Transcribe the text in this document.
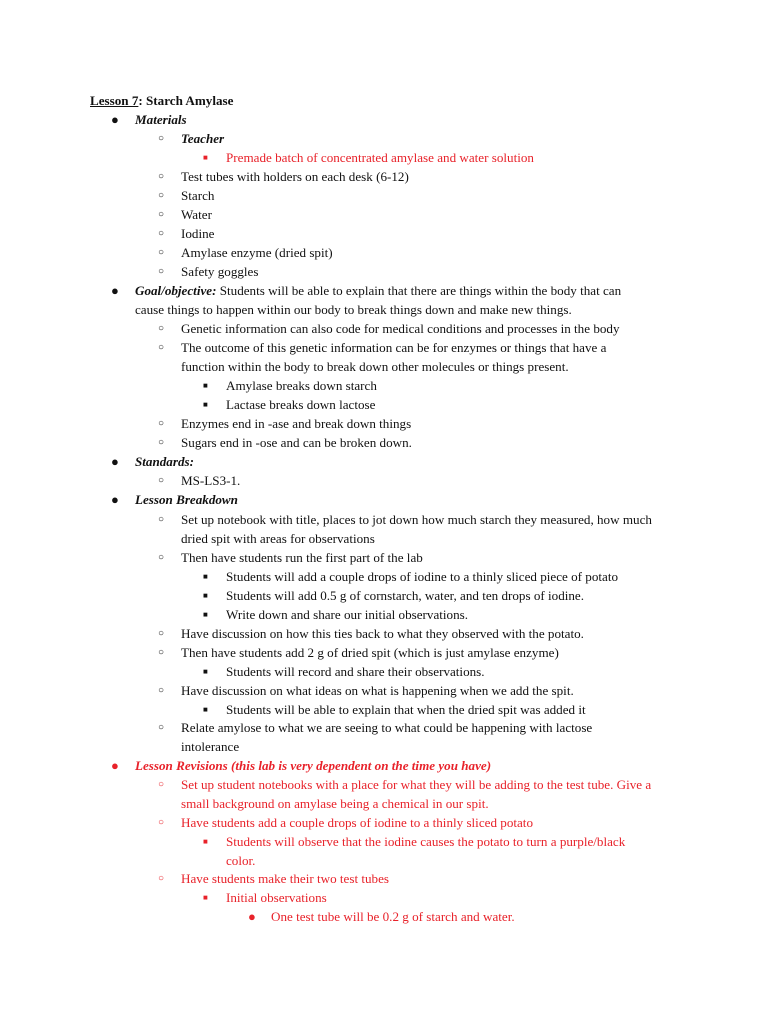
Lesson 7: Starch Amylase
● Materials
○ Teacher
■ Premade batch of concentrated amylase and water solution
○ Test tubes with holders on each desk (6-12)
○ Starch
○ Water
○ Iodine
○ Amylase enzyme (dried spit)
○ Safety goggles
● Goal/objective: Students will be able to explain that there are things within the body that can
cause things to happen within our body to break things down and make new things.
○ Genetic information can also code for medical conditions and processes in the body
○ The outcome of this genetic information can be for enzymes or things that have a
function within the body to break down other molecules or things present.
■ Amylase breaks down starch
■ Lactase breaks down lactose
○ Enzymes end in -ase and break down things
○ Sugars end in -ose and can be broken down.
● Standards:
○ MS-LS3-1.
● Lesson Breakdown
○ Set up notebook with title, places to jot down how much starch they measured, how much
dried spit with areas for observations
○ Then have students run the first part of the lab
■ Students will add a couple drops of iodine to a thinly sliced piece of potato
■ Students will add 0.5 g of cornstarch, water, and ten drops of iodine.
■ Write down and share our initial observations.
○ Have discussion on how this ties back to what they observed with the potato.
○ Then have students add 2 g of dried spit (which is just amylase enzyme)
■ Students will record and share their observations.
○ Have discussion on what ideas on what is happening when we add the spit.
■ Students will be able to explain that when the dried spit was added it
○ Relate amylose to what we are seeing to what could be happening with lactose
intolerance
● Lesson Revisions (this lab is very dependent on the time you have)
○ Set up student notebooks with a place for what they will be adding to the test tube. Give a
small background on amylase being a chemical in our spit.
○ Have students add a couple drops of iodine to a thinly sliced potato
■ Students will observe that the iodine causes the potato to turn a purple/black
color.
○ Have students make their two test tubes
■ Initial observations
● One test tube will be 0.2 g of starch and water.
